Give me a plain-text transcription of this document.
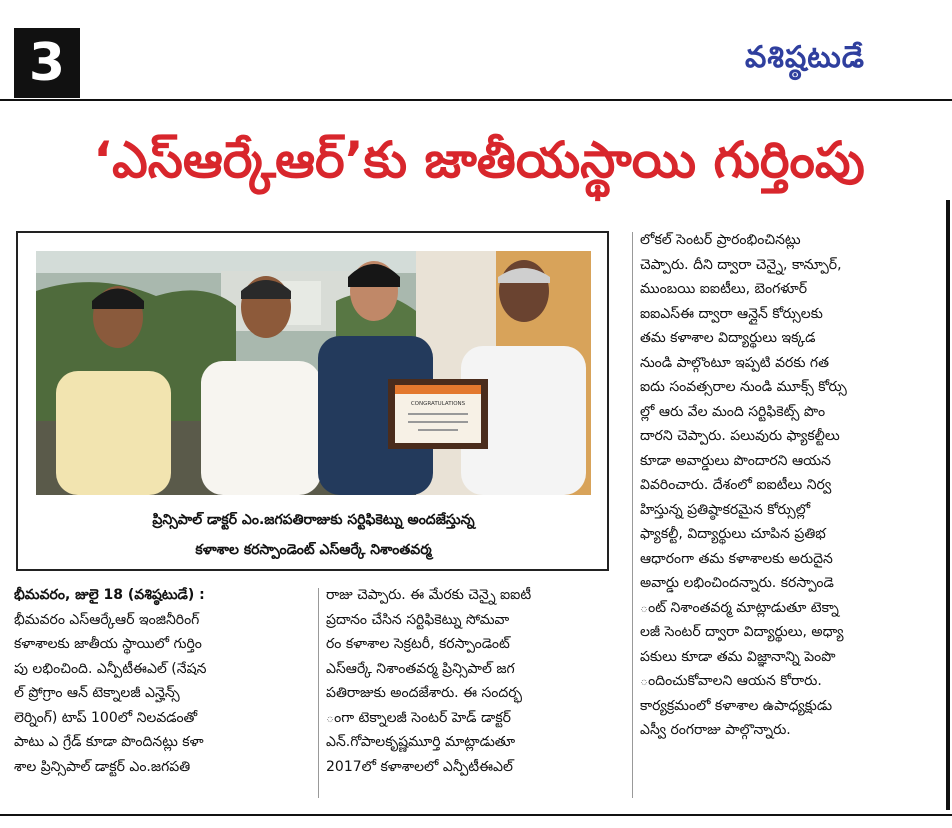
3	వశిష్ఠటుడే
‘ఎస్ఆర్కేఆర్’కు జాతీయస్థాయి గుర్తింపు
CONGRATULATIONS
ప్రిన్సిపాల్ డాక్టర్ ఎం.జగపతిరాజుకు సర్టిఫికెట్ను అందజేస్తున్న
కళాశాల కరస్పాండెంట్ ఎస్ఆర్కే నిశాంతవర్మ
లోకల్ సెంటర్ ప్రారంభించినట్లు
చెప్పారు. దీని ద్వారా చెన్నై, కాన్పూర్,
ముంబయి ఐఐటీలు, బెంగళూర్
ఐఐఎస్ఈ ద్వారా ఆన్లైన్ కోర్సులకు
తమ కళాశాల విద్యార్థులు ఇక్కడ
నుండి పాల్గొంటూ ఇప్పటి వరకు గత
ఐదు సంవత్సరాల నుండి మూక్స్ కోర్సు
ల్లో ఆరు వేల మంది సర్టిఫికెట్స్ పొం
దారని చెప్పారు. పలువురు ఫ్యాకల్టీలు
కూడా అవార్డులు పొందారని ఆయన
వివరించారు. దేశంలో ఐఐటీలు నిర్వ
హిస్తున్న ప్రతిష్ఠాకరమైన కోర్సుల్లో
ఫ్యాకల్టీ, విద్యార్థులు చూపిన ప్రతిభ
ఆధారంగా తమ కళాశాలకు అరుదైన
అవార్డు లభించిందన్నారు. కరస్పాండె
ంట్ నిశాంతవర్మ మాట్లాడుతూ టెక్నా
లజీ సెంటర్ ద్వారా విద్యార్థులు, అధ్యా
పకులు కూడా తమ విజ్ఞానాన్ని పెంపొ
ందించుకోవాలని ఆయన కోరారు.
కార్యక్రమంలో కళాశాల ఉపాధ్యక్షుడు
ఎస్వీ రంగరాజు పాల్గొన్నారు.
భీమవరం, జులై 18 (వశిష్ఠటుడే) :
భీమవరం ఎస్ఆర్కేఆర్ ఇంజినీరింగ్
కళాశాలకు జాతీయ స్థాయిలో గుర్తిం
పు లభించింది. ఎన్పీటీఈఎల్ (నేషన
ల్ ప్రోగ్రాం ఆన్ టెక్నాలజీ ఎన్హెన్స్
లెర్నింగ్) టాప్ 100లో నిలవడంతో
పాటు ఎ గ్రేడ్ కూడా పొందినట్లు కళా
శాల ప్రిన్సిపాల్ డాక్టర్ ఎం.జగపతి
రాజు చెప్పారు. ఈ మేరకు చెన్నై ఐఐటీ
ప్రదానం చేసిన సర్టిఫికెట్ను సోమవా
రం కళాశాల సెక్రటరీ, కరస్పాండెంట్
ఎస్ఆర్కే నిశాంతవర్మ ప్రిన్సిపాల్ జగ
పతిరాజుకు అందజేశారు. ఈ సందర్భ
ంగా టెక్నాలజీ సెంటర్ హెడ్ డాక్టర్
ఎన్.గోపాలకృష్ణమూర్తి మాట్లాడుతూ
2017లో కళాశాలలో ఎన్పీటీఈఎల్
